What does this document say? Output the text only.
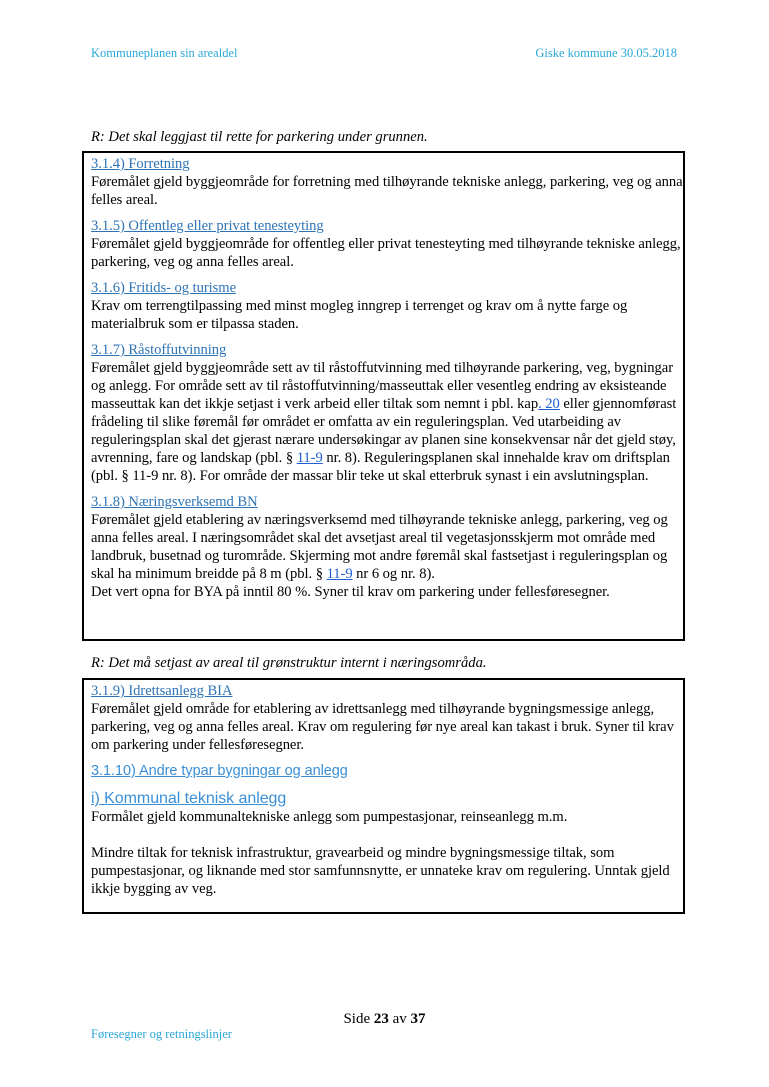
Kommuneplanen sin arealdel	Giske kommune 30.05.2018
R: Det skal leggjast til rette for parkering under grunnen.
3.1.4) Forretning

Føremålet gjeld byggjeområde for forretning med tilhøyrande tekniske anlegg, parkering, veg og anna felles areal.

3.1.5) Offentleg eller privat tenesteyting

Føremålet gjeld byggjeområde for offentleg eller privat tenesteyting med tilhøyrande tekniske anlegg, parkering, veg og anna felles areal.

3.1.6) Fritids- og turisme

Krav om terrengtilpassing med minst mogleg inngrep i terrenget og krav om å nytte farge og materialbruk som er tilpassa staden.

3.1.7) Råstoffutvinning

Føremålet gjeld byggjeområde sett av til råstoffutvinning med tilhøyrande parkering, veg, bygningar og anlegg. For område sett av til råstoffutvinning/masseuttak eller vesentleg endring av eksisteande masseuttak kan det ikkje setjast i verk arbeid eller tiltak som nemnt i pbl. kap. 20 eller gjennomførast frådeling til slike føremål før området er omfatta av ein reguleringsplan. Ved utarbeiding av reguleringsplan skal det gjerast nærare undersøkingar av planen sine konsekvensar når det gjeld støy, avrenning, fare og landskap (pbl. § 11-9 nr. 8). Reguleringsplanen skal innehalde krav om driftsplan (pbl. § 11-9 nr. 8). For område der massar blir teke ut skal etterbruk synast i ein avslutningsplan.

3.1.8) Næringsverksemd BN

Føremålet gjeld etablering av næringsverksemd med tilhøyrande tekniske anlegg, parkering, veg og anna felles areal. I næringsområdet skal det avsetjast areal til vegetasjonsskjerm mot område med landbruk, busetnad og turområde. Skjerming mot andre føremål skal fastsetjast i reguleringsplan og skal ha minimum breidde på 8 m (pbl. § 11-9 nr 6 og nr. 8).
Det vert opna for BYA på inntil 80 %. Syner til krav om parkering under fellesføresegner.

R: Det må setjast av areal til grønstruktur internt i næringsområda.
3.1.9) Idrettsanlegg BIA

Føremålet gjeld område for etablering av idrettsanlegg med tilhøyrande bygningsmessige anlegg, parkering, veg og anna felles areal. Krav om regulering før nye areal kan takast i bruk. Syner til krav om parkering under fellesføresegner.

3.1.10) Andre typar bygningar og anlegg
i) Kommunal teknisk anlegg

Formålet gjeld kommunaltekniske anlegg som pumpestasjonar, reinseanlegg m.m.

Mindre tiltak for teknisk infrastruktur, gravearbeid og mindre bygningsmessige tiltak, som pumpestasjonar, og liknande med stor samfunnsnytte, er unnateke krav om regulering. Unntak gjeld ikkje bygging av veg.

Side 23 av 37
Føresegner og retningslinjer
